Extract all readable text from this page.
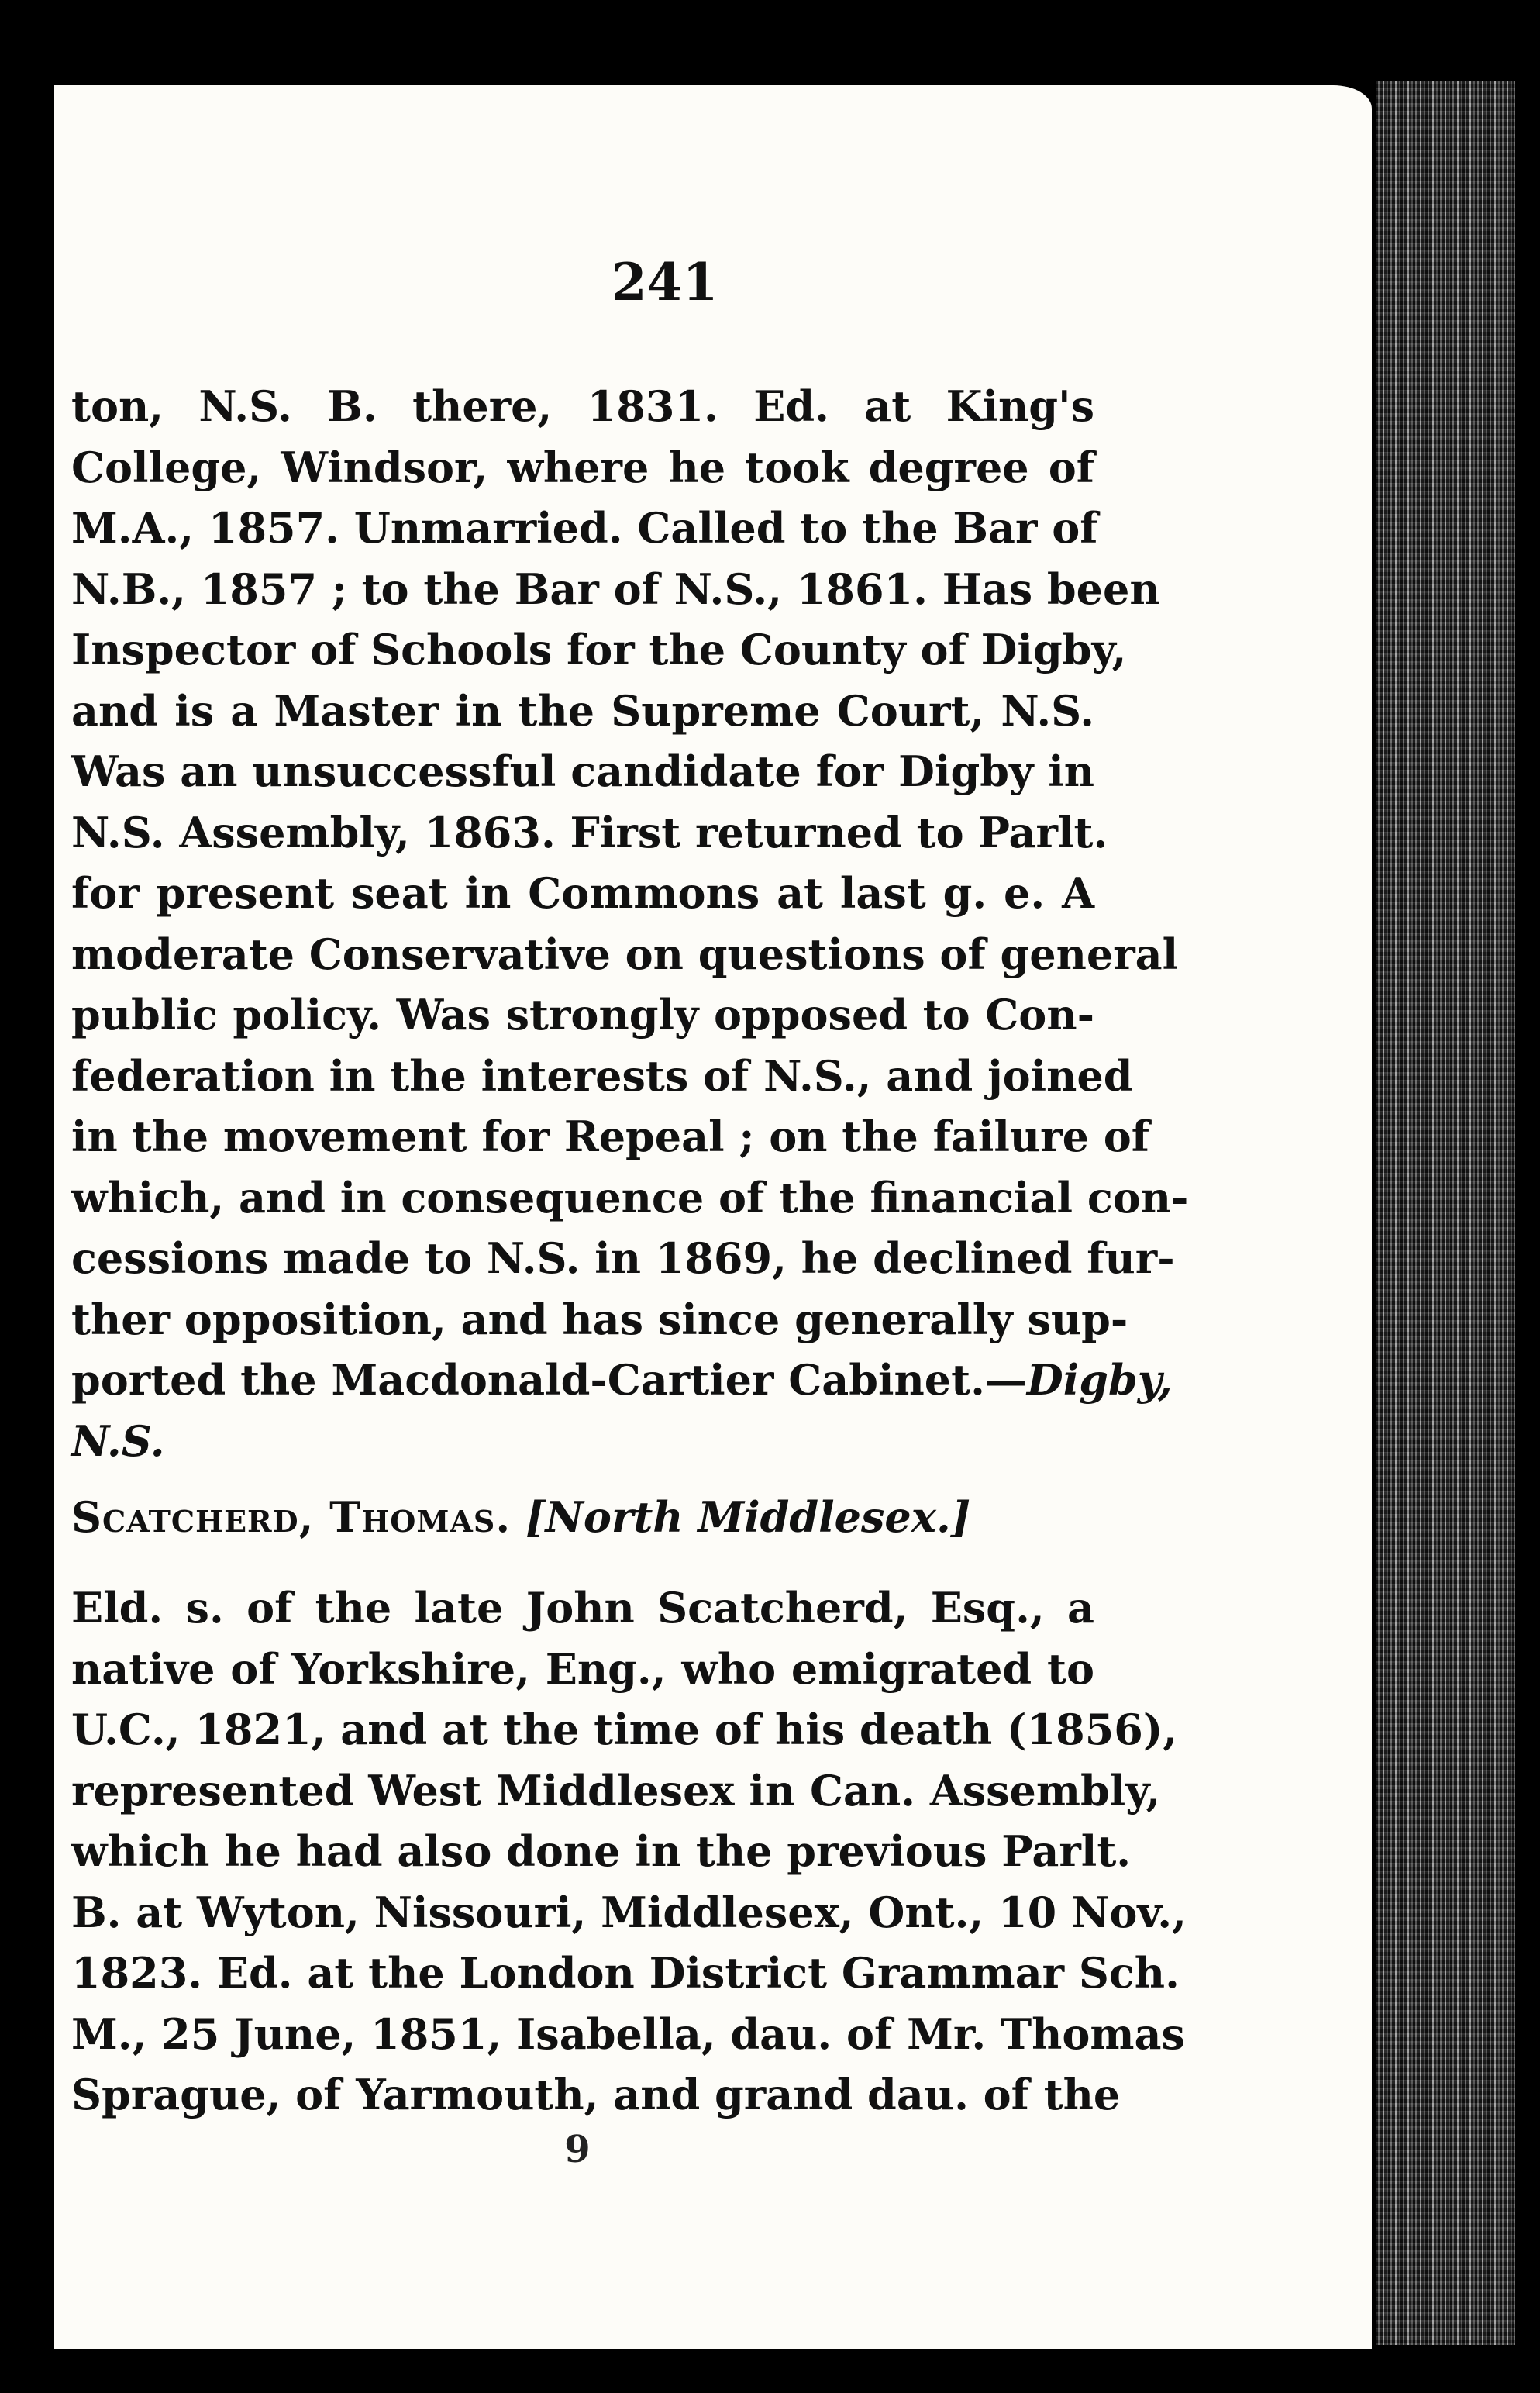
241
ton, N.S. B. there, 1831. Ed. at King's
College, Windsor, where he took degree of
M.A., 1857. Unmarried. Called to the Bar of
N.B., 1857 ; to the Bar of N.S., 1861. Has been
Inspector of Schools for the County of Digby,
and is a Master in the Supreme Court, N.S.
Was an unsuccessful candidate for Digby in
N.S. Assembly, 1863. First returned to Parlt.
for present seat in Commons at last g. e. A
moderate Conservative on questions of general
public policy. Was strongly opposed to Con-
federation in the interests of N.S., and joined
in the movement for Repeal ; on the failure of
which, and in consequence of the financial con-
cessions made to N.S. in 1869, he declined fur-
ther opposition, and has since generally sup-
ported the Macdonald-Cartier Cabinet.—Digby,
N.S.
Scatcherd, Thomas. [North Middlesex.]
Eld. s. of the late John Scatcherd, Esq., a
native of Yorkshire, Eng., who emigrated to
U.C., 1821, and at the time of his death (1856),
represented West Middlesex in Can. Assembly,
which he had also done in the previous Parlt.
B. at Wyton, Nissouri, Middlesex, Ont., 10 Nov.,
1823. Ed. at the London District Grammar Sch.
M., 25 June, 1851, Isabella, dau. of Mr. Thomas
Sprague, of Yarmouth, and grand dau. of the
9
